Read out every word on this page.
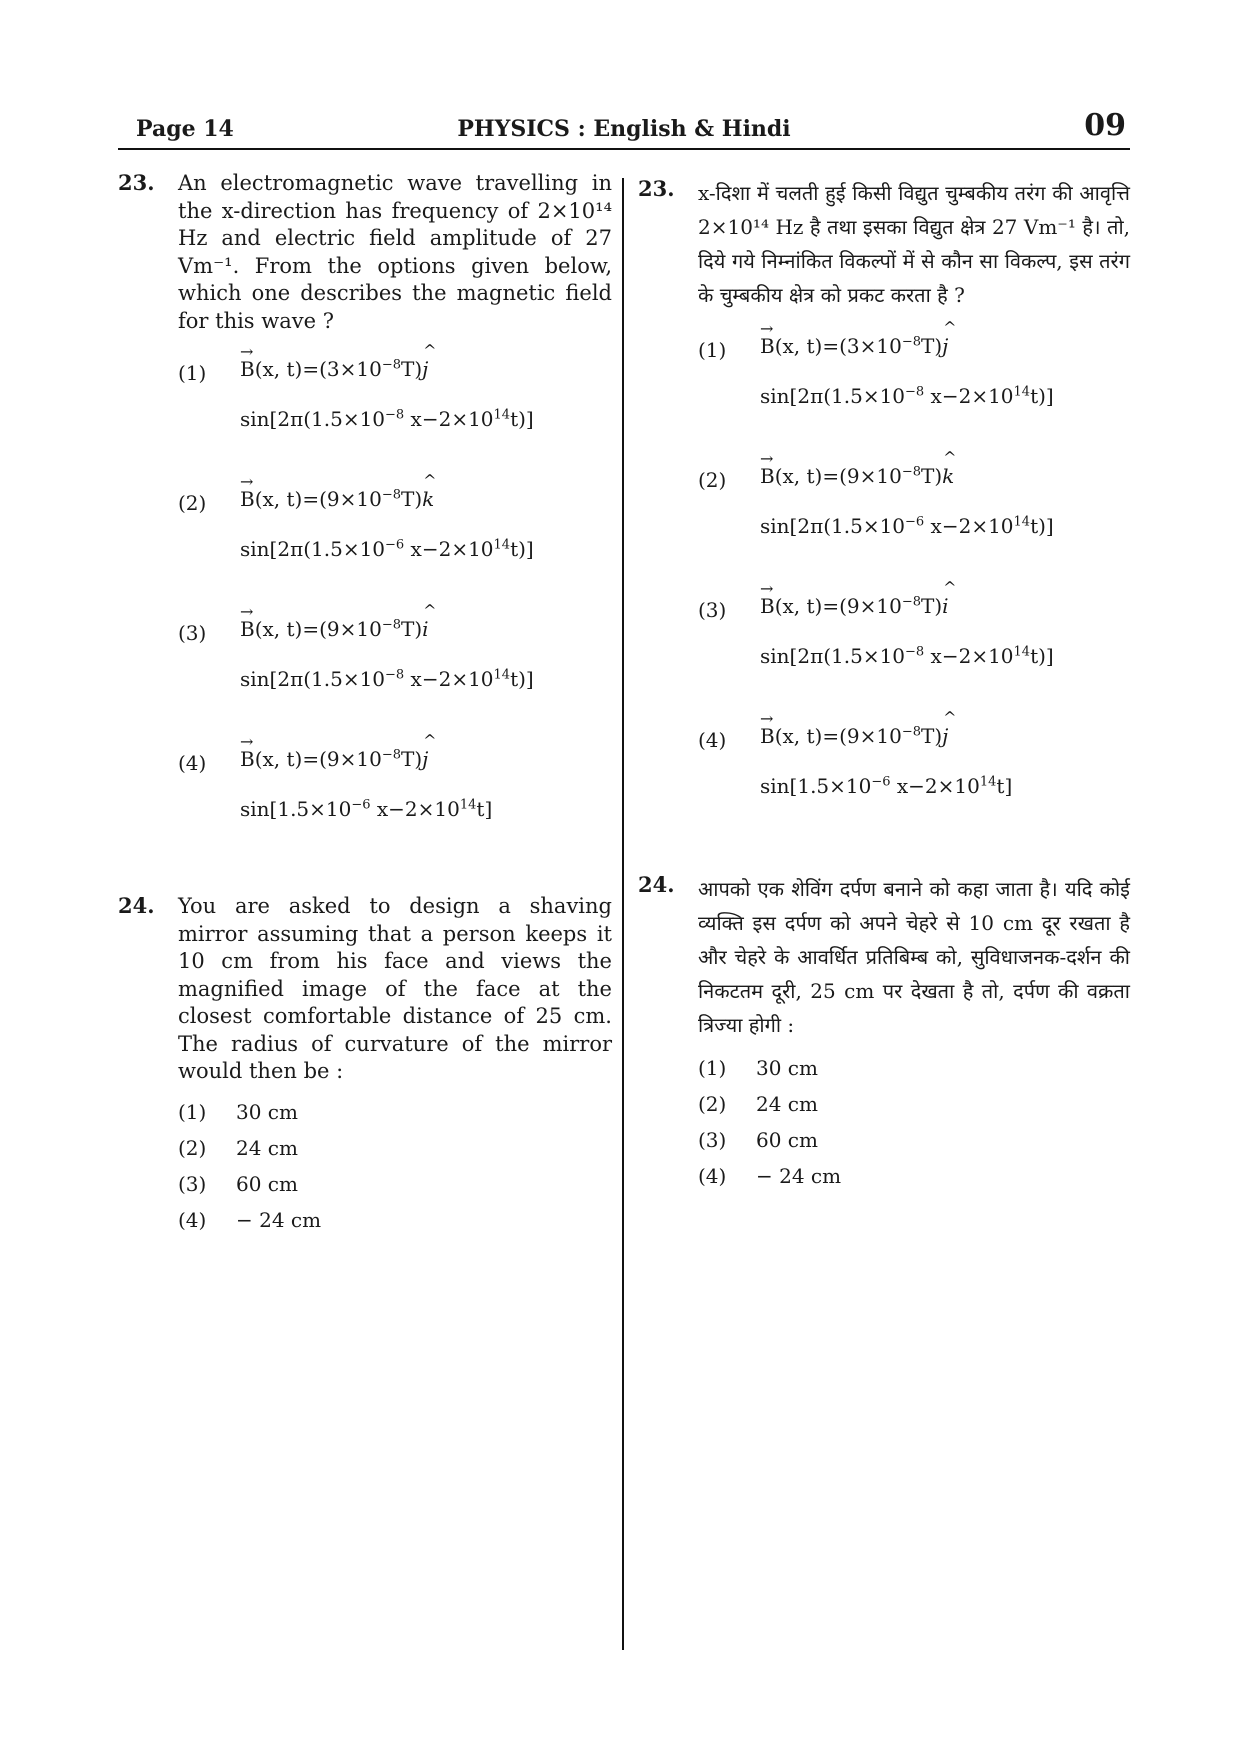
Page 14	PHYSICS : English & Hindi	09
23. An electromagnetic wave travelling in the x-direction has frequency of 2×10¹⁴ Hz and electric field amplitude of 27 Vm⁻¹. From the options given below, which one describes the magnetic field for this wave ?
(1) → B(x, $t)=(3\times 10^{-8}T)\^{}$ j
$\sin[2\pi(1.5\times 10^{-8}$ $x-2\times 10^{14}t$)]
(2) → B(x, $t)=(9\times 10^{-8}T)\^{}$ k
$\sin[2\pi(1.5\times 10^{-6}$ $x-2\times 10^{14}t$)]
(3) → B(x, $t)=(9\times 10^{-8}T)\^{}$ i
$\sin[2\pi(1.5\times 10^{-8}$ $x-2\times 10^{14}t$)]
(4) → B(x, $t)=(9\times 10^{-8}T)\^{}$ j
$\sin[1.5\times 10^{-6}$ $x-2\times 10^{14}t$]
24. You are asked to design a shaving mirror assuming that a person keeps it 10 cm from his face and views the magnified image of the face at the closest comfortable distance of 25 cm. The radius of curvature of the mirror would then be :
(1) 30 cm
(2) 24 cm
(3) 60 cm
(4) − 24 cm
23. x-दिशा में चलती हुई किसी विद्युत चुम्बकीय तरंग की आवृत्ति 2×10¹⁴ Hz है तथा इसका विद्युत क्षेत्र 27 Vm⁻¹ है। तो, दिये गये निम्नांकित विकल्पों में से कौन सा विकल्प, इस तरंग के चुम्बकीय क्षेत्र को प्रकट करता है ?
(1) → B(x, $t)=(3\times 10^{-8}T)\^{}$ j
$\sin[2\pi(1.5\times 10^{-8}$ $x-2\times 10^{14}t$)]
(2) → B(x, $t)=(9\times 10^{-8}T)\^{}$ k
$\sin[2\pi(1.5\times 10^{-6}$ $x-2\times 10^{14}t$)]
(3) → B(x, $t)=(9\times 10^{-8}T)\^{}$ i
$\sin[2\pi(1.5\times 10^{-8}$ $x-2\times 10^{14}t$)]
(4) → B(x, $t)=(9\times 10^{-8}T)\^{}$ j
$\sin[1.5\times 10^{-6}$ $x-2\times 10^{14}t$]
24. आपको एक शेविंग दर्पण बनाने को कहा जाता है। यदि कोई व्यक्ति इस दर्पण को अपने चेहरे से 10 cm दूर रखता है और चेहरे के आवर्धित प्रतिबिम्ब को, सुविधाजनक-दर्शन की निकटतम दूरी, 25 cm पर देखता है तो, दर्पण की वक्रता त्रिज्या होगी :
(1) 30 cm
(2) 24 cm
(3) 60 cm
(4) − 24 cm
